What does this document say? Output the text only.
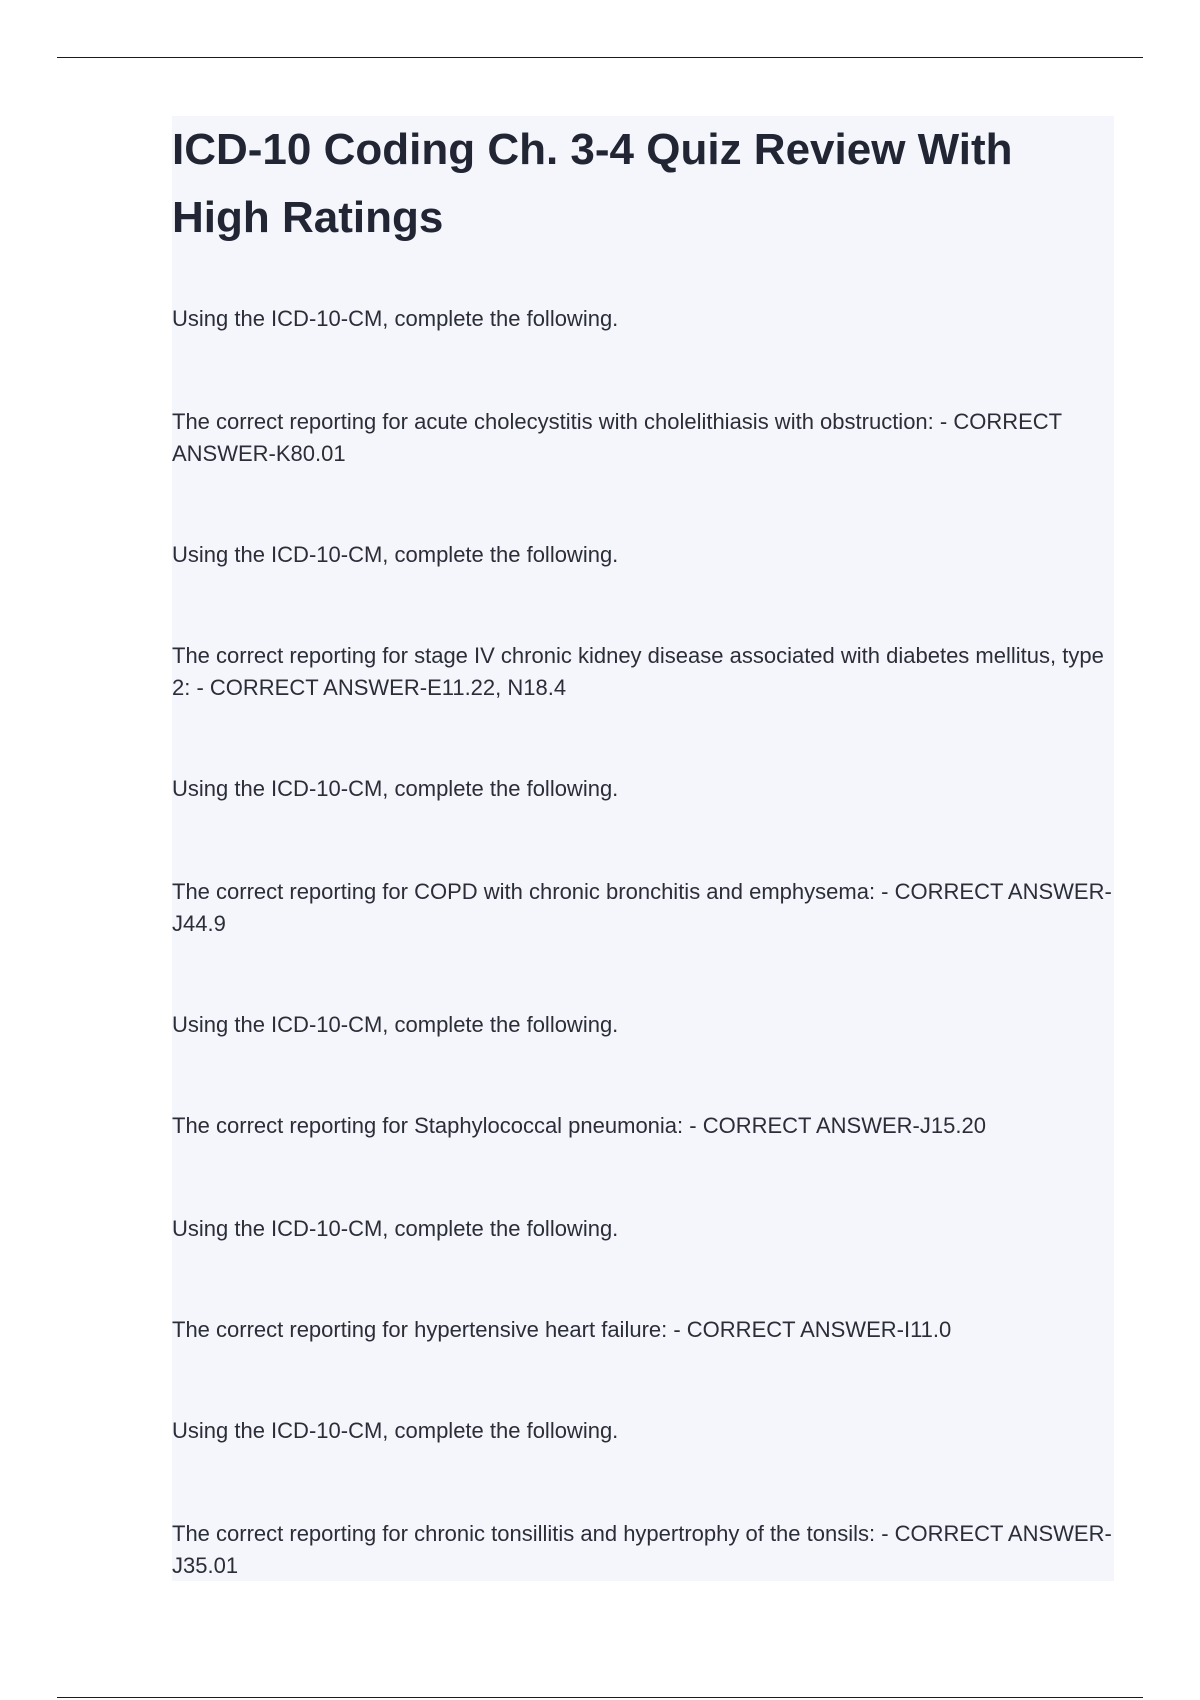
ICD-10 Coding Ch. 3-4 Quiz Review With High Ratings

Using the ICD-10-CM, complete the following.

The correct reporting for acute cholecystitis with cholelithiasis with obstruction: - CORRECT ANSWER-K80.01

Using the ICD-10-CM, complete the following.

The correct reporting for stage IV chronic kidney disease associated with diabetes mellitus, type 2: - CORRECT ANSWER-E11.22, N18.4

Using the ICD-10-CM, complete the following.

The correct reporting for COPD with chronic bronchitis and emphysema: - CORRECT ANSWER-J44.9

Using the ICD-10-CM, complete the following.

The correct reporting for Staphylococcal pneumonia: - CORRECT ANSWER-J15.20

Using the ICD-10-CM, complete the following.

The correct reporting for hypertensive heart failure: - CORRECT ANSWER-I11.0

Using the ICD-10-CM, complete the following.

The correct reporting for chronic tonsillitis and hypertrophy of the tonsils: - CORRECT ANSWER-J35.01
